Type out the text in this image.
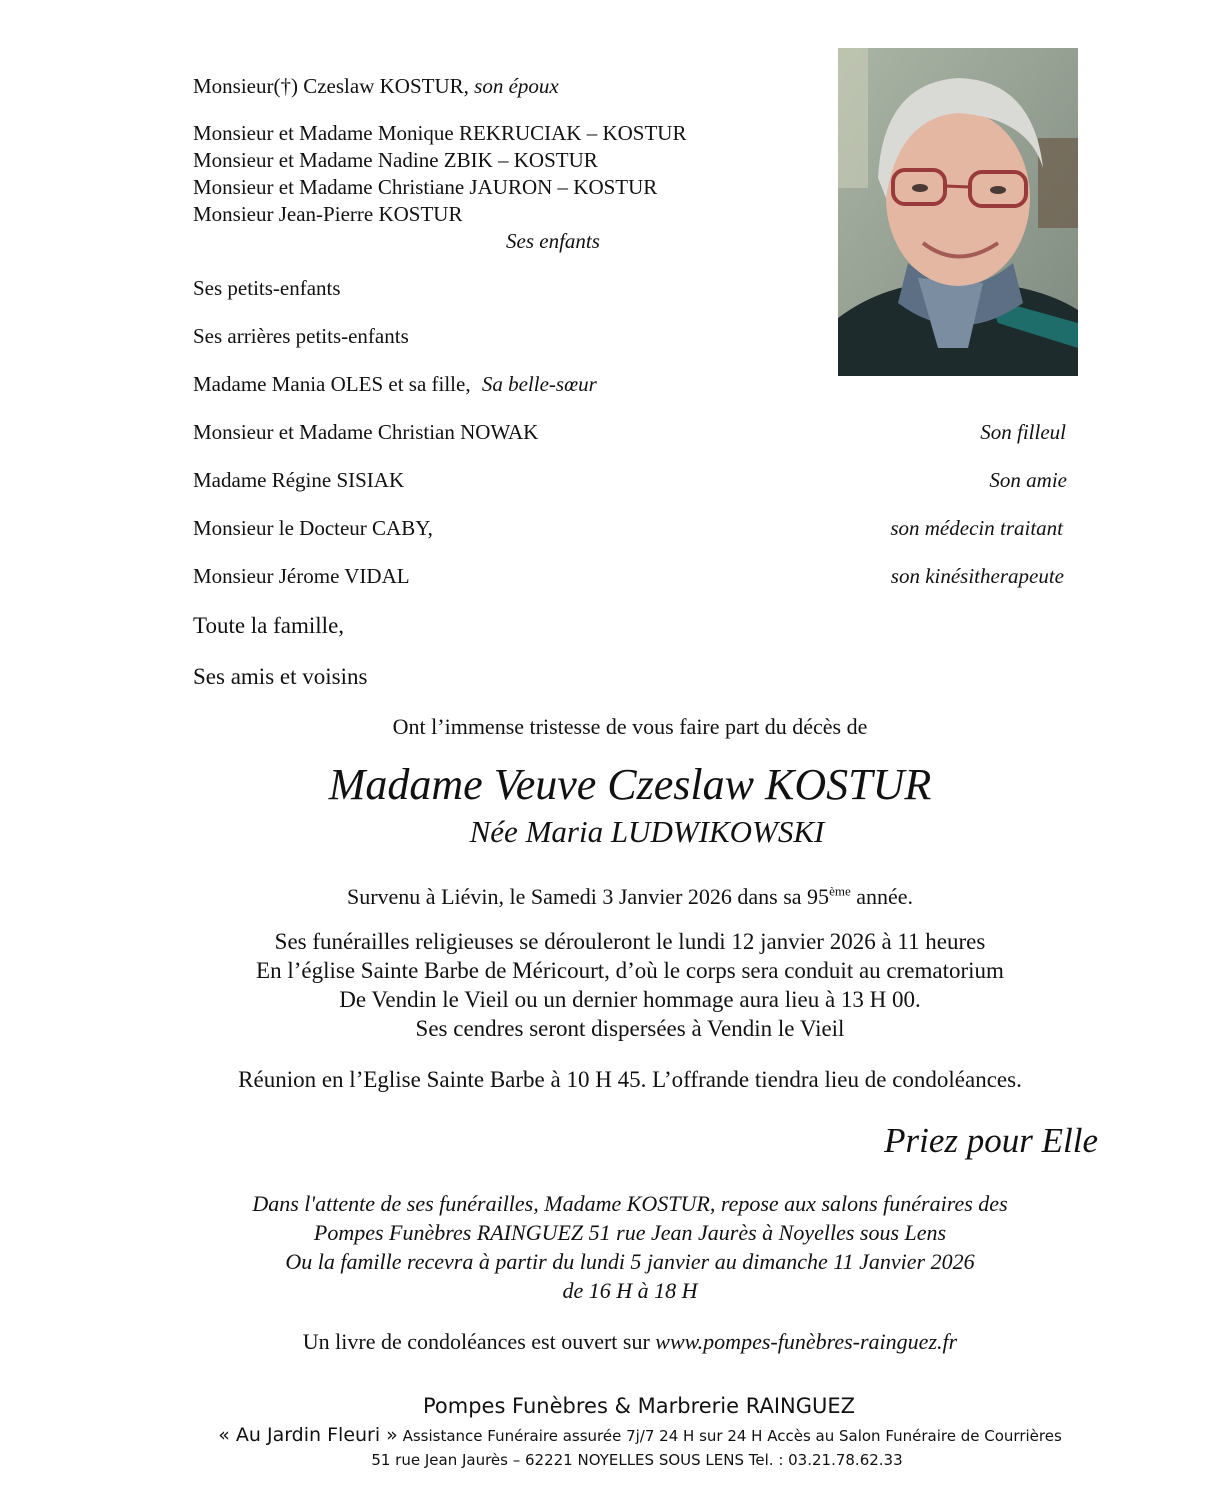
Monsieur(†) Czeslaw KOSTUR, son époux
Monsieur et Madame Monique REKRUCIAK – KOSTUR
Monsieur et Madame Nadine ZBIK – KOSTUR
Monsieur et Madame Christiane JAURON – KOSTUR
Monsieur Jean-Pierre KOSTUR
Ses enfants
Ses petits-enfants
Ses arrières petits-enfants
Madame Mania OLES et sa fille, Sa belle-sœur
Monsieur et Madame Christian NOWAK	Son filleul
Madame Régine SISIAK	Son amie
Monsieur le Docteur CABY,	son médecin traitant
Monsieur Jérome VIDAL	son kinésitherapeute
Toute la famille,
Ses amis et voisins
Ont l’immense tristesse de vous faire part du décès de
Madame Veuve Czeslaw KOSTUR
Née Maria LUDWIKOWSKI
Survenu à Liévin, le Samedi 3 Janvier 2026 dans sa 95ème année.
Ses funérailles religieuses se dérouleront le lundi 12 janvier 2026 à 11 heures
En l’église Sainte Barbe de Méricourt, d’où le corps sera conduit au crematorium
De Vendin le Vieil ou un dernier hommage aura lieu à 13 H 00.
Ses cendres seront dispersées à Vendin le Vieil
Réunion en l’Eglise Sainte Barbe à 10 H 45. L’offrande tiendra lieu de condoléances.
Priez pour Elle
Dans l'attente de ses funérailles, Madame KOSTUR, repose aux salons funéraires des
Pompes Funèbres RAINGUEZ 51 rue Jean Jaurès à Noyelles sous Lens
Ou la famille recevra à partir du lundi 5 janvier au dimanche 11 Janvier 2026
de 16 H à 18 H
Un livre de condoléances est ouvert sur www.pompes-funèbres-rainguez.fr
Pompes Funèbres & Marbrerie RAINGUEZ
« Au Jardin Fleuri » Assistance Funéraire assurée 7j/7 24 H sur 24 H Accès au Salon Funéraire de Courrières
51 rue Jean Jaurès – 62221 NOYELLES SOUS LENS Tel. : 03.21.78.62.33
